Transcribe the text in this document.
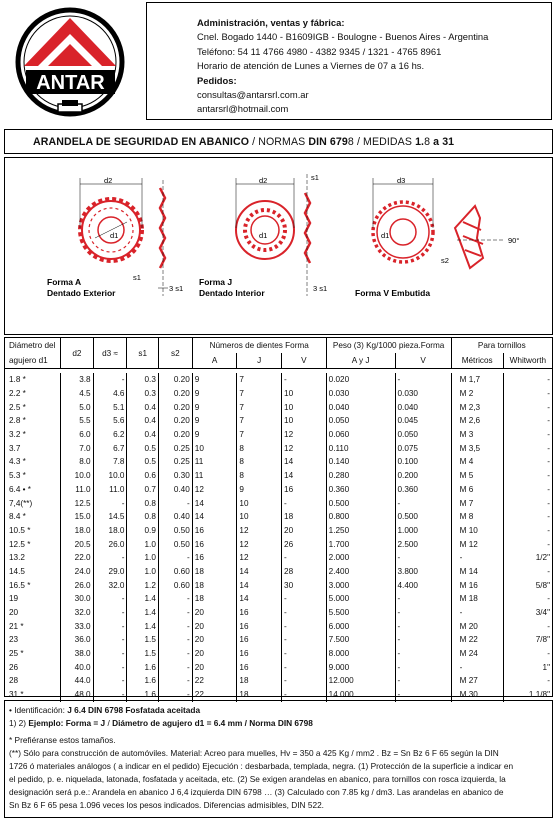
ANTAR
Administración, ventas y fábrica:
Cnel. Bogado 1440 - B1609IGB - Boulogne - Buenos Aires - Argentina
Teléfono: 54 11 4766 4980 - 4382 9345 / 1321 - 4765 8961
Horario de atención de Lunes a Viernes de 07 a 16 hs.
Pedidos:
consultas@antarsrl.com.ar
antarsrl@hotmail.com
ARANDELA DE SEGURIDAD EN ABANICO / NORMAS DIN 6798 / MEDIDAS 1.8 a 31
d2
d1
s1
3 s1
Forma A
Dentado Exterior
d2
d1
s1
3 s1
Forma J
Dentado Interior
d3
d1
90°
s2
Forma V Embutida
Diámetro del	d2	d3 ≈	s1	s2	Números de dientes Forma			Peso (3) Kg/1000 pieza.Forma		Para tornillos	
agujero d1					A	J	V	A y J	V	Métricos	Whitworth

1.8 *	3.8	-	0.3	0.20	9	7	-	0.020	-	M 1,7	-
2.2 *	4.5	4.6	0.3	0.20	9	7	10	0.030	0.030	M 2	-
2.5 *	5.0	5.1	0.4	0.20	9	7	10	0.040	0.040	M 2,3	-
2.8 *	5.5	5.6	0.4	0.20	9	7	10	0.050	0.045	M 2,6	-
3.2 *	6.0	6.2	0.4	0.20	9	7	12	0.060	0.050	M 3	-
3.7	7.0	6.7	0.5	0.25	10	8	12	0.110	0.075	M 3,5	-
4.3 *	8.0	7.8	0.5	0.25	11	8	14	0.140	0.100	M 4	-
5.3 *	10.0	10.0	0.6	0.30	11	8	14	0.280	0.200	M 5	-
6.4 • *	11.0	11.0	0.7	0.40	12	9	16	0.360	0.360	M 6	-
7,4(**)	12.5	-	0.8	-	14	10	-	0.500	-	M 7	-
8.4 *	15.0	14.5	0.8	0.40	14	10	18	0.800	0.500	M 8	-
10.5 *	18.0	18.0	0.9	0.50	16	12	20	1.250	1.000	M 10	-
12.5 *	20.5	26.0	1.0	0.50	16	12	26	1.700	2.500	M 12	-
13.2	22.0	-	1.0	-	16	12	-	2.000	-	-	1/2"
14.5	24.0	29.0	1.0	0.60	18	14	28	2.400	3.800	M 14	-
16.5 *	26.0	32.0	1.2	0.60	18	14	30	3.000	4.400	M 16	5/8"
19	30.0	-	1.4	-	18	14	-	5.000	-	M 18	-
20	32.0	-	1.4	-	20	16	-	5.500	-	-	3/4"
21 *	33.0	-	1.4	-	20	16	-	6.000	-	M 20	-
23	36.0	-	1.5	-	20	16	-	7.500	-	M 22	7/8"
25 *	38.0	-	1.5	-	20	16	-	8.000	-	M 24	-
26	40.0	-	1.6	-	20	16	-	9.000	-	-	1"
28	44.0	-	1.6	-	22	18	-	12.000	-	M 27	-
31 *	48.0	-	1.6	-	22	18	-	14.000	-	M 30	1 1/8"
• Identificación: J 6.4 DIN 6798 Fosfatada aceitada
1) 2) Ejemplo: Forma = J / Diámetro de agujero d1 = 6.4 mm / Norma DIN 6798
* Prefiéranse estos tamaños.
(**) Sólo para construcción de automóviles. Material: Acreo para muelles, Hv = 350 a 425 Kg / mm2 . Bz = Sn Bz 6 F 65 según la DIN
1726 ó materiales análogos ( a indicar en el pedido) Ejecución : desbarbada, templada, negra. (1) Protección de la superficie a indicar en
el pedido, p. e. niquelada, latonada, fosfatada y aceitada, etc. (2) Se exigen arandelas en abanico, para tornillos con rosca izquierda, la
designación será p.e.: Arandela en abanico J 6,4 izquierda DIN 6798 … (3) Calculado con 7.85 kg / dm3. Las arandelas en abanico de
Sn Bz 6 F 65 pesa 1.096 veces los pesos indicados. Diferencias admisibles, DIN 522.
